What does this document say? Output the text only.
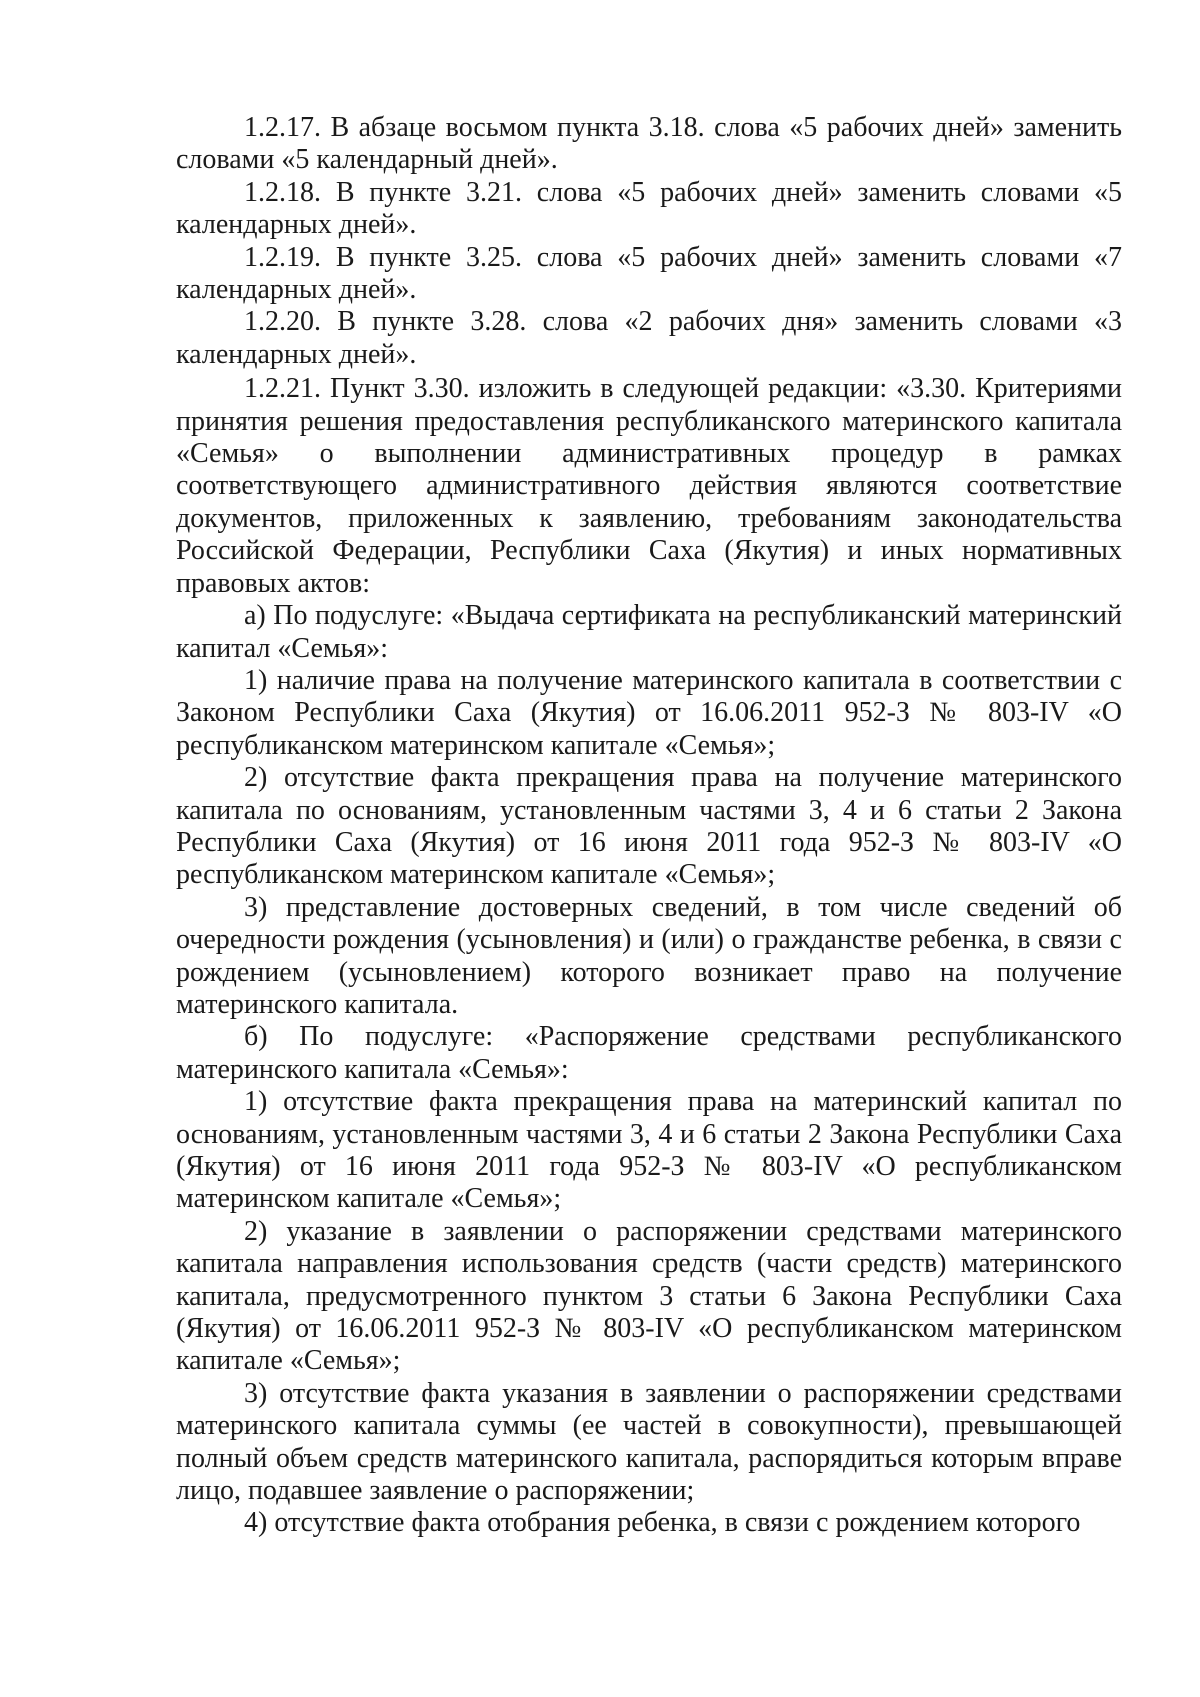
1.2.17. В абзаце восьмом пункта 3.18. слова «5 рабочих дней» заменить словами «5 календарный дней».

1.2.18. В пункте 3.21. слова «5 рабочих дней» заменить словами «5 календарных дней».

1.2.19. В пункте 3.25. слова «5 рабочих дней» заменить словами «7 календарных дней».

1.2.20. В пункте 3.28. слова «2 рабочих дня» заменить словами «3 календарных дней».

1.2.21. Пункт 3.30. изложить в следующей редакции: «3.30. Критериями принятия решения предоставления республиканского материнского капитала «Семья» о выполнении административных процедур в рамках соответствующего административного действия являются соответствие документов, приложенных к заявлению, требованиям законодательства Российской Федерации, Республики Саха (Якутия) и иных нормативных правовых актов:

а) По подуслуге: «Выдача сертификата на республиканский материнский капитал «Семья»:

1) наличие права на получение материнского капитала в соответствии с Законом Республики Саха (Якутия) от 16.06.2011 952-З № 803-IV «О республиканском материнском капитале «Семья»;

2) отсутствие факта прекращения права на получение материнского капитала по основаниям, установленным частями 3, 4 и 6 статьи 2 Закона Республики Саха (Якутия) от 16 июня 2011 года 952-З № 803-IV «О республиканском материнском капитале «Семья»;

3) представление достоверных сведений, в том числе сведений об очередности рождения (усыновления) и (или) о гражданстве ребенка, в связи с рождением (усыновлением) которого возникает право на получение материнского капитала.

б) По подуслуге: «Распоряжение средствами республиканского материнского капитала «Семья»:

1) отсутствие факта прекращения права на материнский капитал по основаниям, установленным частями 3, 4 и 6 статьи 2 Закона Республики Саха (Якутия) от 16 июня 2011 года 952-З № 803-IV «О республиканском материнском капитале «Семья»;

2) указание в заявлении о распоряжении средствами материнского капитала направления использования средств (части средств) материнского капитала, предусмотренного пунктом 3 статьи 6 Закона Республики Саха (Якутия) от 16.06.2011 952-З № 803-IV «О республиканском материнском капитале «Семья»;

3) отсутствие факта указания в заявлении о распоряжении средствами материнского капитала суммы (ее частей в совокупности), превышающей полный объем средств материнского капитала, распорядиться которым вправе лицо, подавшее заявление о распоряжении;

4) отсутствие факта отобрания ребенка, в связи с рождением которого
